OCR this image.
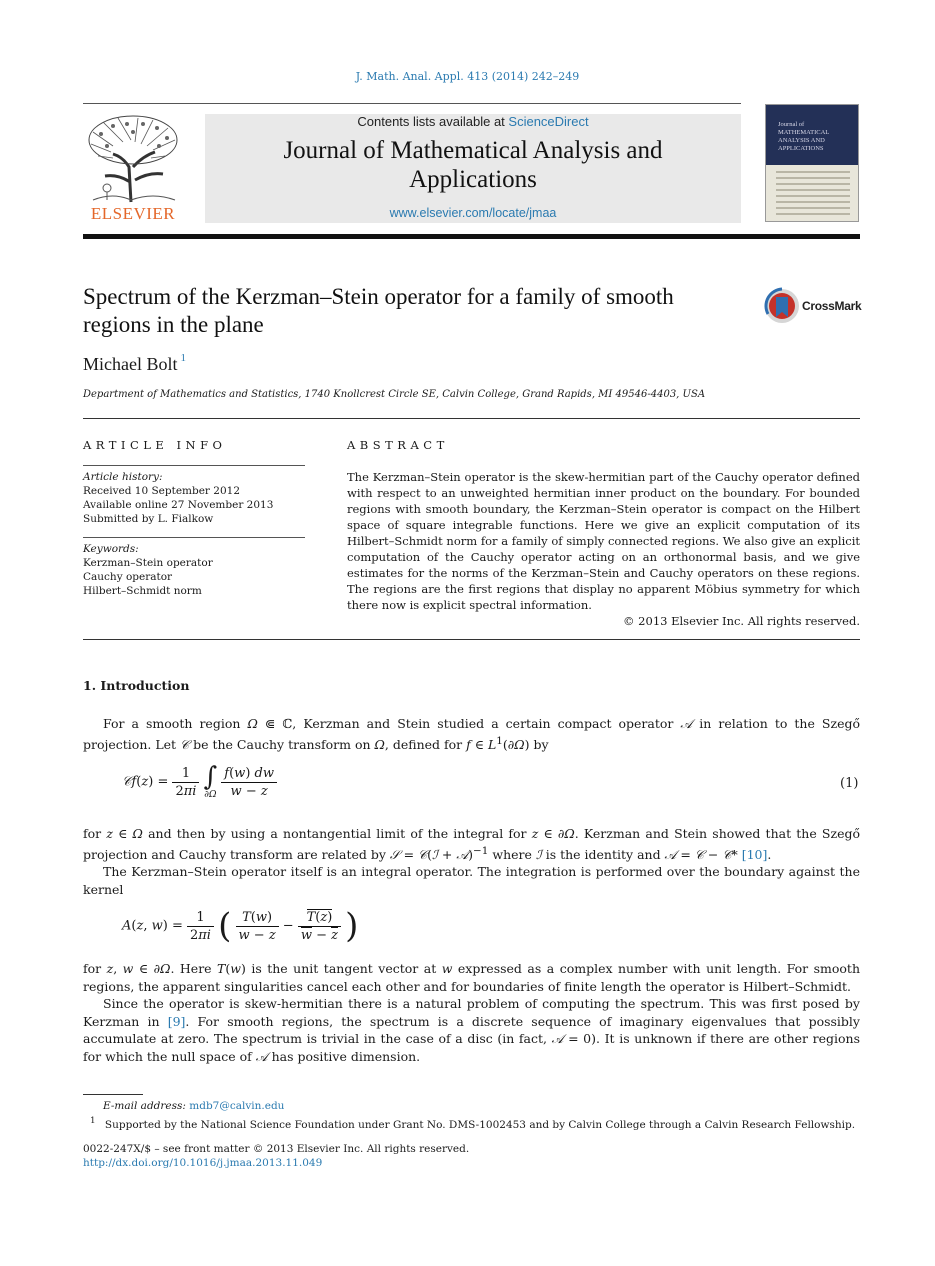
J. Math. Anal. Appl. 413 (2014) 242–249
ELSEVIER
Contents lists available at ScienceDirect
Journal of Mathematical Analysis and Applications
www.elsevier.com/locate/jmaa
Journal of MATHEMATICAL ANALYSIS AND APPLICATIONS
Spectrum of the Kerzman–Stein operator for a family of smooth regions in the plane
CrossMark
Michael Bolt $^1$
Department of Mathematics and Statistics, 1740 Knollcrest Circle SE, Calvin College, Grand Rapids, MI 49546-4403, USA
ARTICLE INFO
Article history:
Received 10 September 2012
Available online 27 November 2013
Submitted by L. Fialkow
Keywords:
Kerzman–Stein operator
Cauchy operator
Hilbert–Schmidt norm
ABSTRACT
The Kerzman–Stein operator is the skew-hermitian part of the Cauchy operator defined with respect to an unweighted hermitian inner product on the boundary. For bounded regions with smooth boundary, the Kerzman–Stein operator is compact on the Hilbert space of square integrable functions. Here we give an explicit computation of its Hilbert–Schmidt norm for a family of simply connected regions. We also give an explicit computation of the Cauchy operator acting on an orthonormal basis, and we give estimates for the norms of the Kerzman–Stein and Cauchy operators on these regions. The regions are the first regions that display no apparent Möbius symmetry for which there now is explicit spectral information.
© 2013 Elsevier Inc. All rights reserved.
1. Introduction
For a smooth region Ω ⋐ ℂ, Kerzman and Stein studied a certain compact operator 𝒜 in relation to the Szegő projection. Let 𝒞 be the Cauchy transform on Ω, defined for f ∈ $L^1(\partial\Omega)$ by
𝒞f(z) = $\frac{1}{2\pi i}$
∫
∂Ω
$\frac{f(w) dw}{w - z}$	(1)
for z ∈ Ω and then by using a nontangential limit of the integral for z ∈ ∂Ω. Kerzman and Stein showed that the Szegő projection and Cauchy transform are related by 𝒮 = 𝒞(ℐ + 𝒜)$^{-1}$ where ℐ is the identity and 𝒜 = 𝒞 − 𝒞* [10].
The Kerzman–Stein operator itself is an integral operator. The integration is performed over the boundary against the kernel
A(z, $w) = \frac{1}{2\pi i}$ ( $\frac{T(w)}{w - z} - \frac{T(z)}{w - z}$ )
for z, w ∈ ∂Ω. Here T(w) is the unit tangent vector at w expressed as a complex number with unit length. For smooth regions, the apparent singularities cancel each other and for boundaries of finite length the operator is Hilbert–Schmidt.
Since the operator is skew-hermitian there is a natural problem of computing the spectrum. This was first posed by Kerzman in [9]. For smooth regions, the spectrum is a discrete sequence of imaginary eigenvalues that possibly accumulate at zero. The spectrum is trivial in the case of a disc (in fact, 𝒜 = 0). It is unknown if there are other regions for which the null space of 𝒜 has positive dimension.
E-mail address: mdb7@calvin.edu
$^1$ Supported by the National Science Foundation under Grant No. DMS-1002453 and by Calvin College through a Calvin Research Fellowship.
0022-247X/$ – see front matter © 2013 Elsevier Inc. All rights reserved.
http://dx.doi.org/10.1016/j.jmaa.2013.11.049
